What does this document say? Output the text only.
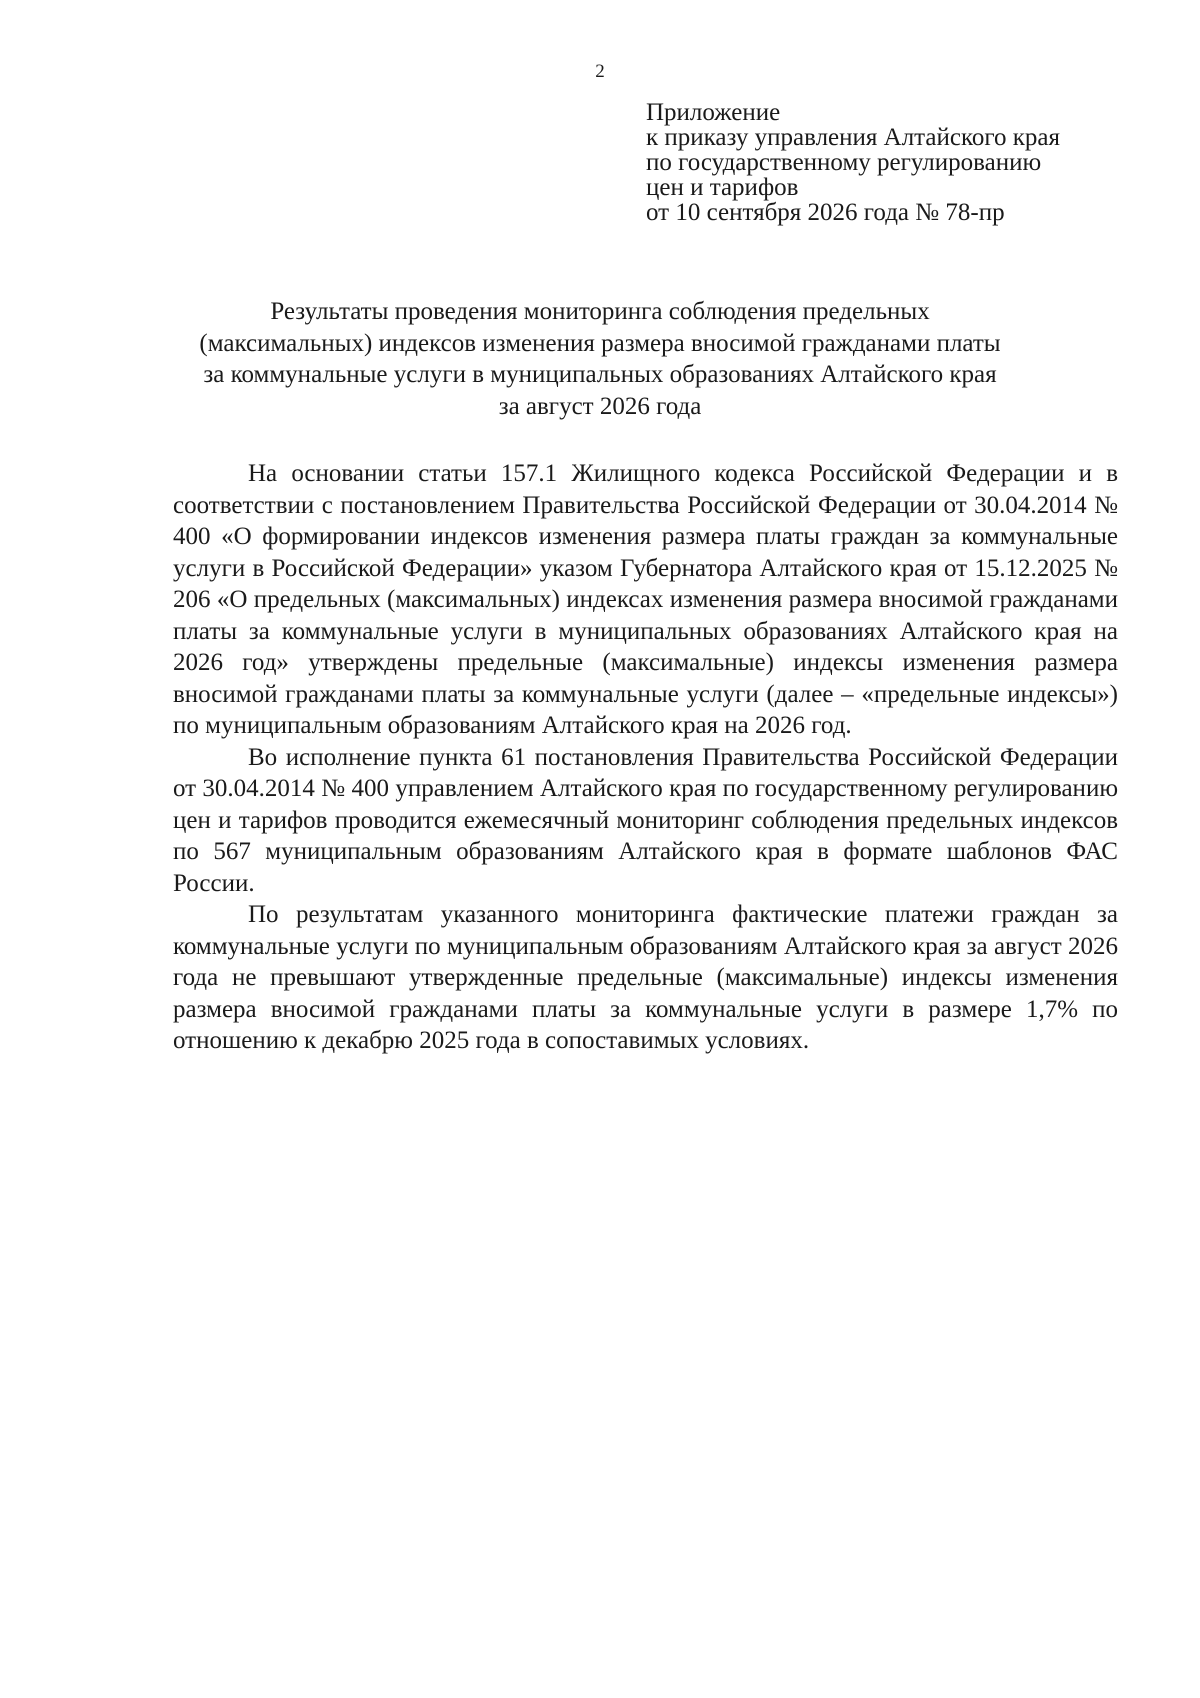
2
Приложение
к приказу управления Алтайского края
по государственному регулированию
цен и тарифов
от 10 сентября 2026 года № 78-пр
Результаты проведения мониторинга соблюдения предельных
(максимальных) индексов изменения размера вносимой гражданами платы
за коммунальные услуги в муниципальных образованиях Алтайского края
за август 2026 года

На основании статьи 157.1 Жилищного кодекса Российской Федерации и в соответствии с постановлением Правительства Российской Федерации от 30.04.2014 № 400 «О формировании индексов изменения размера платы граждан за коммунальные услуги в Российской Федерации» указом Губернатора Алтайского края от 15.12.2025 № 206 «О предельных (максимальных) индексах изменения размера вносимой гражданами платы за коммунальные услуги в муниципальных образованиях Алтайского края на 2026 год» утверждены предельные (максимальные) индексы изменения размера вносимой гражданами платы за коммунальные услуги (далее – «предельные индексы») по муниципальным образованиям Алтайского края на 2026 год.

Во исполнение пункта 61 постановления Правительства Российской Федерации от 30.04.2014 № 400 управлением Алтайского края по государственному регулированию цен и тарифов проводится ежемесячный мониторинг соблюдения предельных индексов по 567 муниципальным образованиям Алтайского края в формате шаблонов ФАС России.

По результатам указанного мониторинга фактические платежи граждан за коммунальные услуги по муниципальным образованиям Алтайского края за август 2026 года не превышают утвержденные предельные (максимальные) индексы изменения размера вносимой гражданами платы за коммунальные услуги в размере 1,7% по отношению к декабрю 2025 года в сопоставимых условиях.
